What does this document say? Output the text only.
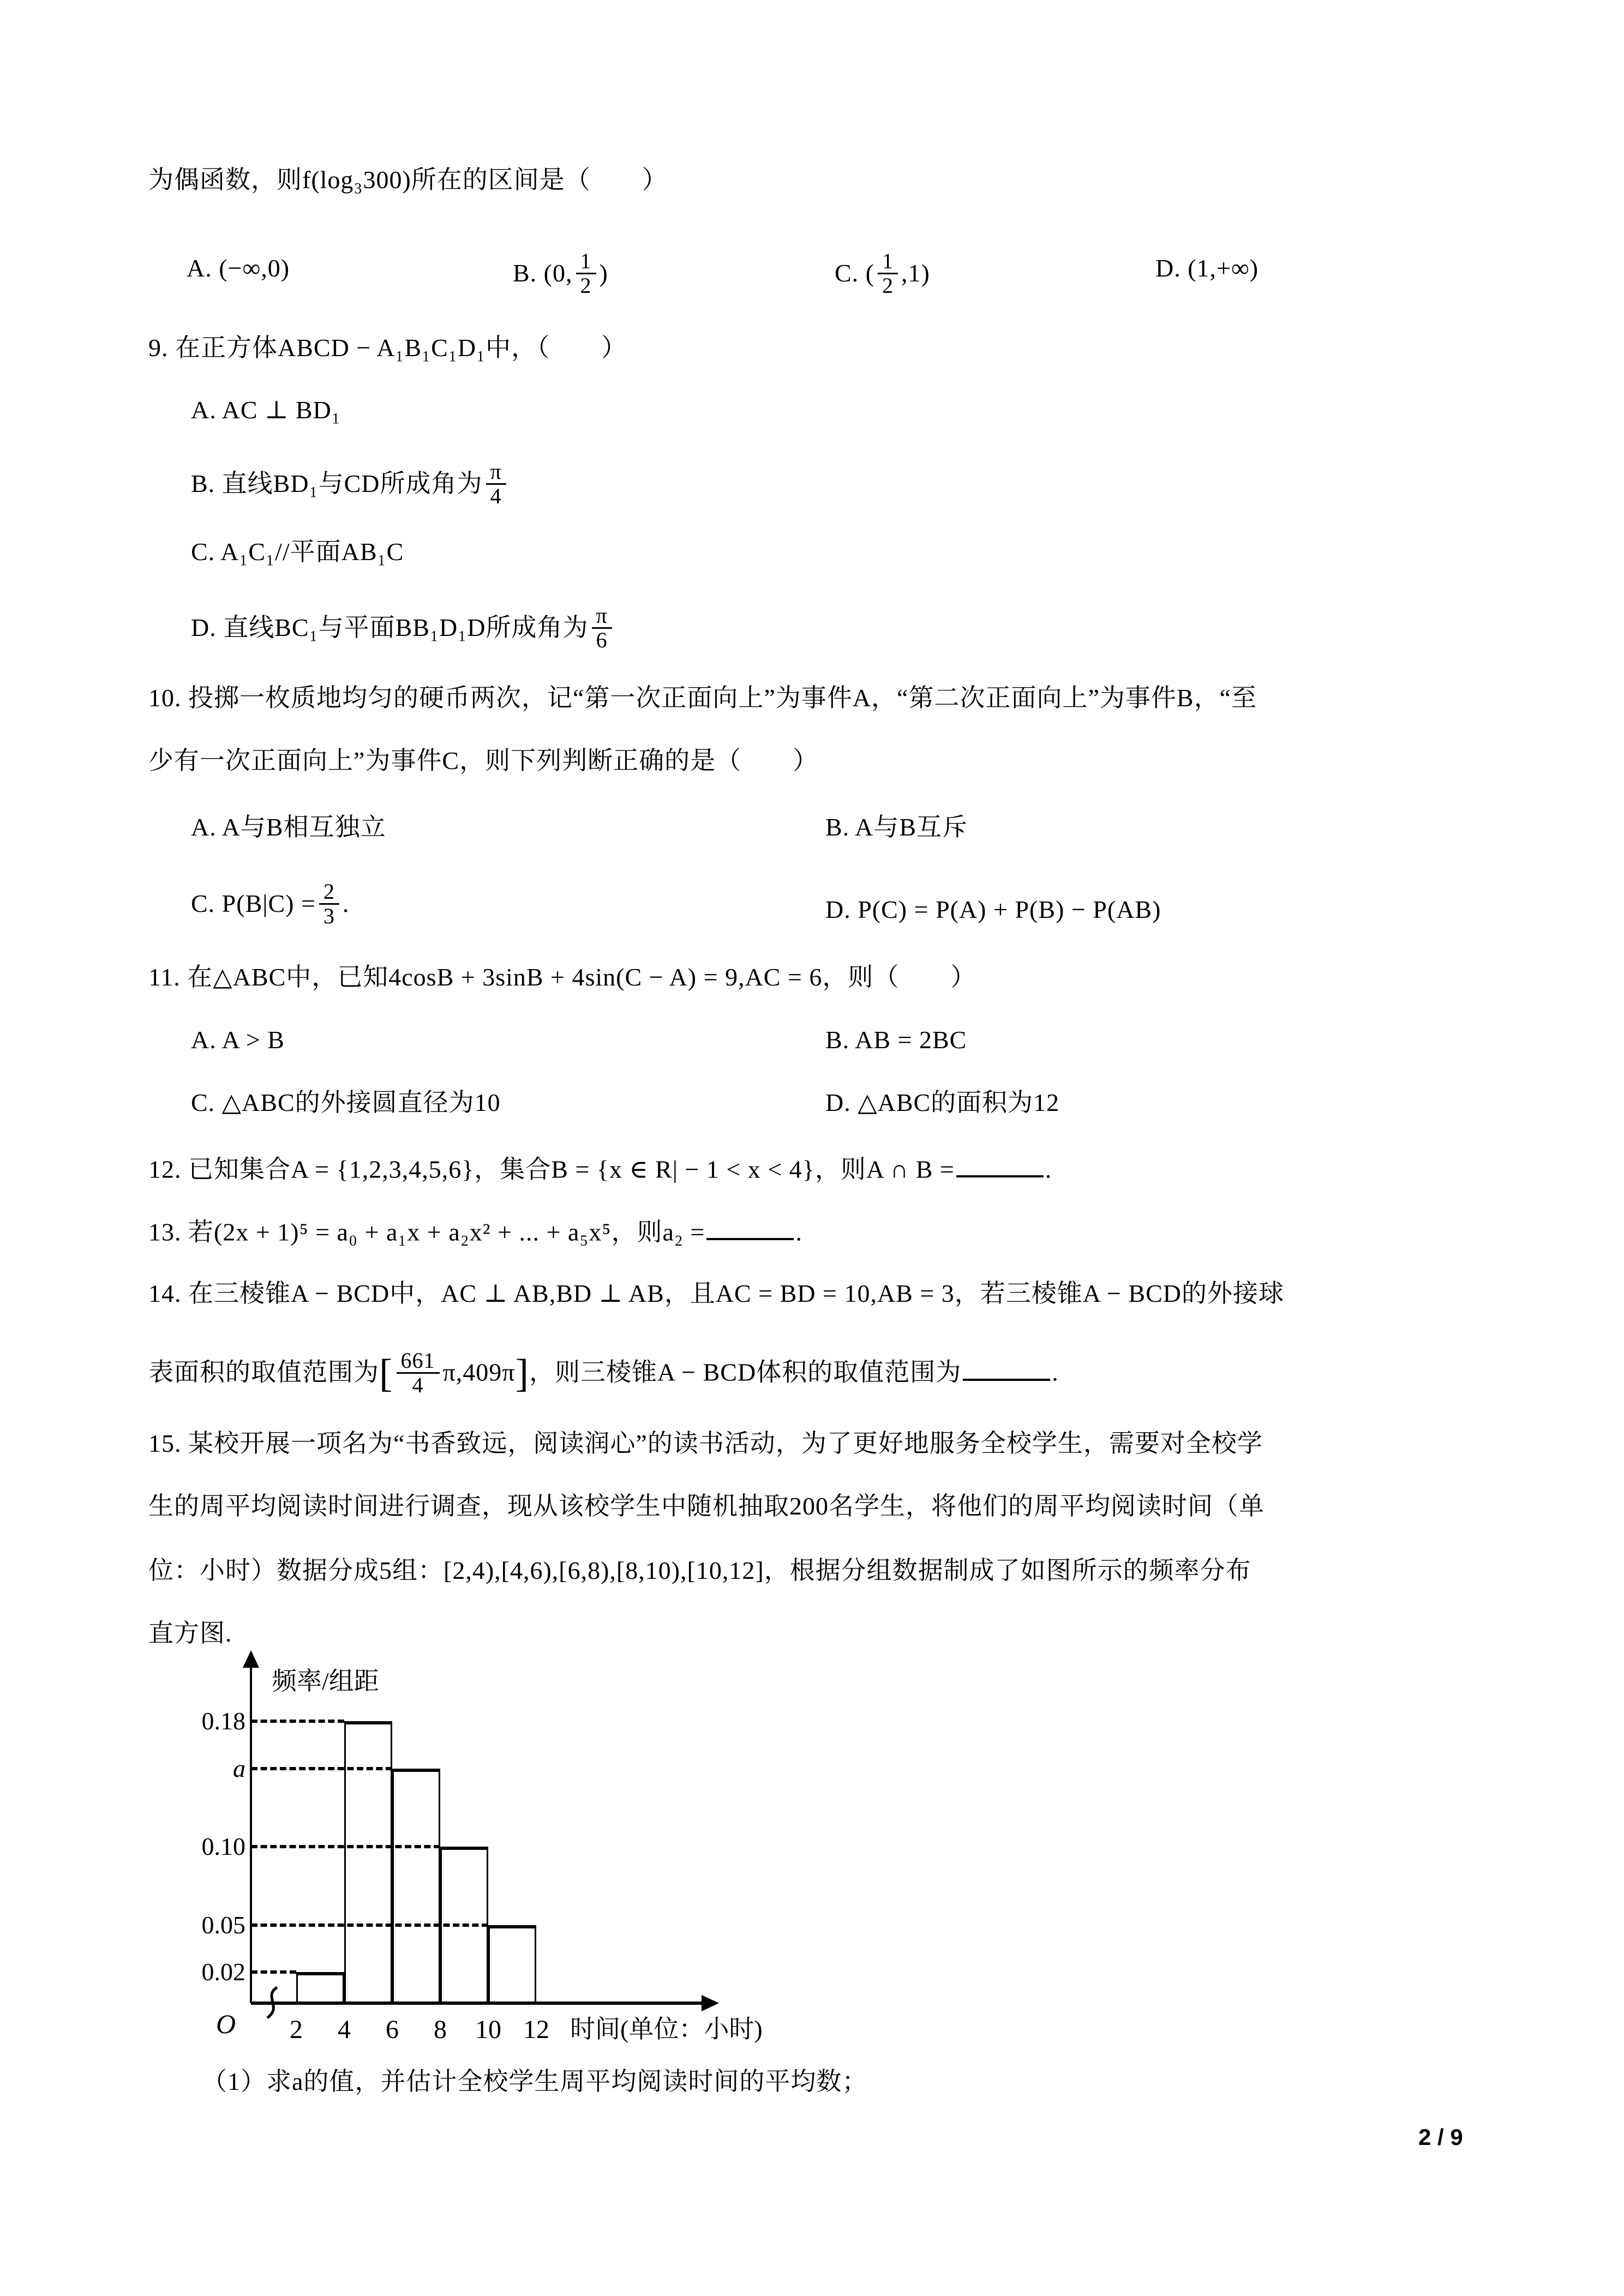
为偶函数，则f(log₃300)所在的区间是（　　）
A. (−∞,0)	B. (0, $\frac{1}{2}$ )	C. ( $\frac{1}{2} ,1$)	D. (1,+∞)
9. 在正方体ABCD − A₁B₁C₁D₁中，（　　）
A. AC ⊥ BD₁
B. 直线BD₁与CD所成角为 $\frac{\pi}{4}$
C. A₁C₁//平面AB₁C
D. 直线BC₁与平面BB₁D₁D所成角为 $\frac{\pi}{6}$
10. 投掷一枚质地均匀的硬币两次，记“第一次正面向上”为事件A，“第二次正面向上”为事件B，“至
少有一次正面向上”为事件C，则下列判断正确的是（　　）
A. A与B相互独立	B. A与B互斥
C. $P(B|C) = \frac{2}{3}$ .	D. P(C) = P(A) + P(B) − P(AB)
11. 在△ABC中，已知4cosB + 3sinB + 4sin(C − A) = 9,AC = 6，则（　　）
A. A > B	B. AB = 2BC
C. △ABC的外接圆直径为10	D. △ABC的面积为12
12. 已知集合A = {1,2,3,4,5,6}，集合B = {x ∈ R| − 1 < x < 4}，则A ∩ B =	.
13. 若(2x + 1)⁵ = a₀ + a₁x + a₂x² + ... + a₅x⁵，则a₂ =	.
14. 在三棱锥A − BCD中，AC ⊥ AB,BD ⊥ AB，且AC = BD = 10,AB = 3，若三棱锥A − BCD的外接球
表面积的取值范围为[ $\frac{661}{4} \pi,409\pi$]，则三棱锥A − BCD体积的取值范围为	.
15. 某校开展一项名为“书香致远，阅读润心”的读书活动，为了更好地服务全校学生，需要对全校学
生的周平均阅读时间进行调查，现从该校学生中随机抽取200名学生，将他们的周平均阅读时间（单
位：小时）数据分成5组：[2,4),[4,6),[6,8),[8,10),[10,12]，根据分组数据制成了如图所示的频率分布
直方图.
频率/组距
时间(单位：小时)
O
0.18
a
0.10
0.05
0.02
2	4	6	8	10 12
（1）求a的值，并估计全校学生周平均阅读时间的平均数；
2 / 9
